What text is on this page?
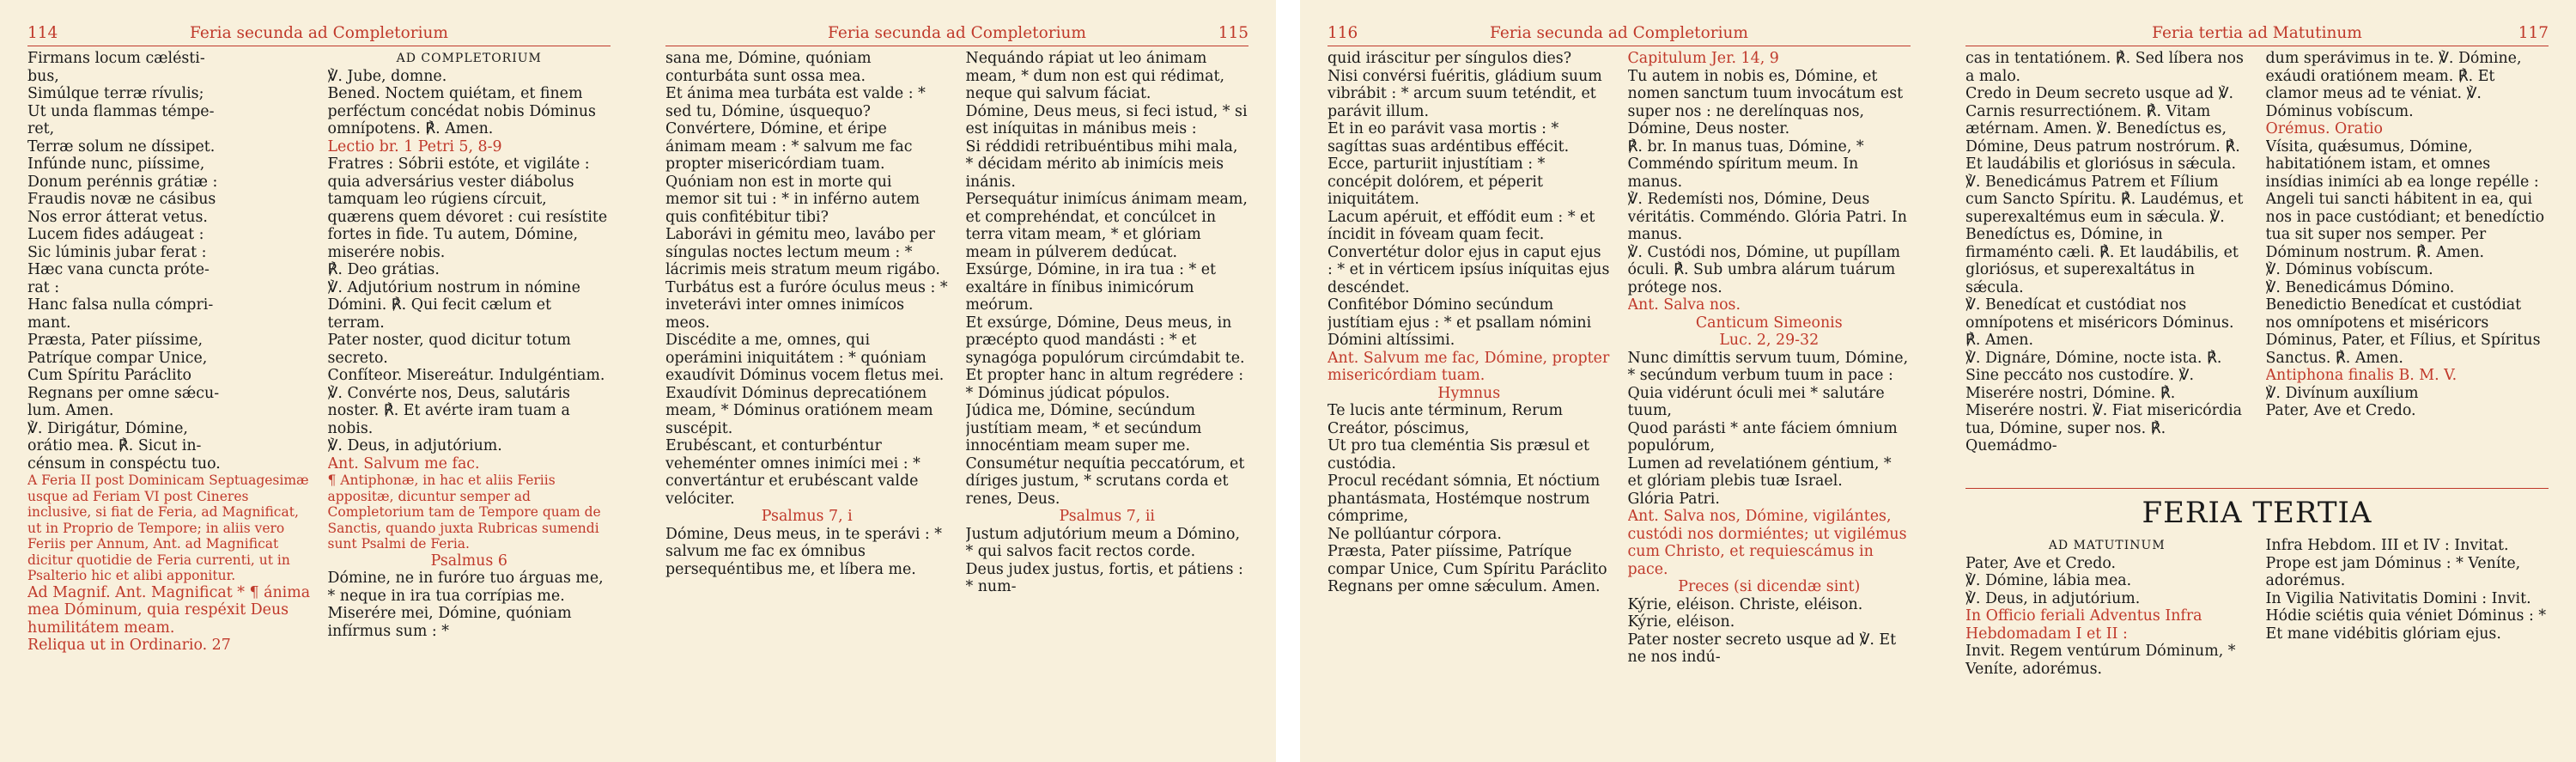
114	Feria secunda ad Completorium

Firmans locum cælésti-

bus,

Simúlque terræ rívulis;

Ut unda flammas témpe-

ret,

Terræ solum ne díssipet.

Infúnde nunc, piíssime,

Donum perénnis grátiæ :

Fraudis novæ ne cásibus

Nos error átterat vetus.

Lucem fides adáugeat :

Sic lúminis jubar ferat :

Hæc vana cuncta próte-

rat :

Hanc falsa nulla cómpri-

mant.

Præsta, Pater piíssime,

Patríque compar Unice,

Cum Spíritu Paráclito

Regnans per omne sǽcu-

lum. Amen.

℣. Dirigátur, Dómine,

orátio mea. ℟. Sicut in-

cénsum in conspéctu tuo.

A Feria II post Dominicam Septuagesimæ usque ad Feriam VI post Cineres inclusive, si fiat de Feria, ad Magnificat, ut in Proprio de Tempore; in aliis vero Feriis per Annum, Ant. ad Magnificat dicitur quotidie de Feria currenti, ut in Psalterio hic et alibi apponitur.

Ad Magnif. Ant. Magnificat * ¶ ánima mea Dóminum, quia respéxit Deus humilitátem meam.

Reliqua ut in Ordinario. 27

AD COMPLETORIUM

℣. Jube, domne.

Bened. Noctem quiétam, et finem perféctum concédat nobis Dóminus omnípotens. ℟. Amen.

Lectio br. 1 Petri 5, 8-9

Fratres : Sóbrii estóte, et vigiláte : quia adversárius vester diábolus tamquam leo rúgiens círcuit, quærens quem dévoret : cui resístite fortes in fide. Tu autem, Dómine, miserére nobis.

℟. Deo grátias.

℣. Adjutórium nostrum in nómine Dómini. ℟. Qui fecit cælum et terram.

Pater noster, quod dicitur totum secreto.

Confíteor. Misereátur. Indulgéntiam.

℣. Convérte nos, Deus, salutáris noster. ℟. Et avérte iram tuam a nobis.

℣. Deus, in adjutórium.

Ant. Salvum me fac.

¶ Antiphonæ, in hac et aliis Feriis appositæ, dicuntur semper ad Completorium tam de Tempore quam de Sanctis, quando juxta Rubricas sumendi sunt Psalmi de Feria.

Psalmus 6

Dómine, ne in furóre tuo árguas me, * neque in ira tua corrípias me.

Miserére mei, Dómine, quóniam infírmus sum : *

Feria secunda ad Completorium	115

sana me, Dómine, quóniam conturbáta sunt ossa mea.

Et ánima mea turbáta est valde : * sed tu, Dómine, úsquequo?

Convértere, Dómine, et éripe ánimam meam : * salvum me fac propter misericórdiam tuam.

Quóniam non est in morte qui memor sit tui : * in inférno autem quis confitébitur tibi?

Laborávi in gémitu meo, lavábo per síngulas noctes lectum meum : * lácrimis meis stratum meum rigábo.

Turbátus est a furóre óculus meus : * inveterávi inter omnes inimícos meos.

Discédite a me, omnes, qui operámini iniquitátem : * quóniam exaudívit Dóminus vocem fletus mei.

Exaudívit Dóminus deprecatiónem meam, * Dóminus oratiónem meam suscépit.

Erubéscant, et conturbéntur veheménter omnes inimíci mei : * convertántur et erubéscant valde velóciter.

Psalmus 7, i

Dómine, Deus meus, in te sperávi : * salvum me fac ex ómnibus persequéntibus me, et líbera me.

Nequándo rápiat ut leo ánimam meam, * dum non est qui rédimat, neque qui salvum fáciat.

Dómine, Deus meus, si feci istud, * si est iníquitas in mánibus meis :

Si réddidi retribuéntibus mihi mala, * décidam mérito ab inimícis meis inánis.

Persequátur inimícus ánimam meam, et comprehéndat, et concúlcet in terra vitam meam, * et glóriam meam in púlverem dedúcat.

Exsúrge, Dómine, in ira tua : * et exaltáre in fínibus inimicórum meórum.

Et exsúrge, Dómine, Deus meus, in præcépto quod mandásti : * et synagóga populórum circúmdabit te.

Et propter hanc in altum regrédere : * Dóminus júdicat pópulos.

Júdica me, Dómine, secúndum justítiam meam, * et secúndum innocéntiam meam super me.

Consumétur nequítia peccatórum, et díriges justum, * scrutans corda et renes, Deus.

Psalmus 7, ii

Justum adjutórium meum a Dómino, * qui salvos facit rectos corde.

Deus judex justus, fortis, et pátiens : * num-

116	Feria secunda ad Completorium

quid iráscitur per síngulos dies?

Nisi convérsi fuéritis, gládium suum vibrábit : * arcum suum teténdit, et parávit illum.

Et in eo parávit vasa mortis : * sagíttas suas ardéntibus effécit.

Ecce, parturiit injustítiam : * concépit dolórem, et péperit iniquitátem.

Lacum apéruit, et effódit eum : * et íncidit in fóveam quam fecit.

Convertétur dolor ejus in caput ejus : * et in vérticem ipsíus iníquitas ejus descéndet.

Confitébor Dómino secúndum justítiam ejus : * et psallam nómini Dómini altíssimi.

Ant. Salvum me fac, Dómine, propter misericórdiam tuam.

Hymnus

Te lucis ante términum, Rerum Creátor, póscimus,

Ut pro tua cleméntia Sis præsul et custódia.

Procul recédant sómnia, Et nóctium phantásmata, Hostémque nostrum cómprime,

Ne pollúantur córpora.

Præsta, Pater piíssime, Patríque compar Unice, Cum Spíritu Paráclito Regnans per omne sǽculum. Amen.

Capitulum Jer. 14, 9

Tu autem in nobis es, Dómine, et nomen sanctum tuum invocátum est super nos : ne derelínquas nos, Dómine, Deus noster.

℟. br. In manus tuas, Dómine, * Comméndo spíritum meum. In manus.

℣. Redemísti nos, Dómine, Deus véritátis. Comméndo. Glória Patri. In manus.

℣. Custódi nos, Dómine, ut pupíllam óculi. ℟. Sub umbra alárum tuárum prótege nos.

Ant. Salva nos.

Canticum Simeonis

Luc. 2, 29-32

Nunc dimíttis servum tuum, Dómine, * secúndum verbum tuum in pace :

Quia vidérunt óculi mei * salutáre tuum,

Quod parásti * ante fáciem ómnium populórum,

Lumen ad revelatiónem géntium, * et glóriam plebis tuæ Israel.

Glória Patri.

Ant. Salva nos, Dómine, vigilántes, custódi nos dormiéntes; ut vigilémus cum Christo, et requiescámus in pace.

Preces (si dicendæ sint)

Kýrie, eléison. Christe, eléison. Kýrie, eléison.

Pater noster secreto usque ad ℣. Et ne nos indú-

Feria tertia ad Matutinum	117

cas in tentatiónem. ℟. Sed líbera nos a malo.

Credo in Deum secreto usque ad ℣. Carnis resurrectiónem. ℟. Vitam ætérnam. Amen. ℣. Benedíctus es, Dómine, Deus patrum nostrórum. ℟. Et laudábilis et gloriósus in sǽcula. ℣. Benedicámus Patrem et Fílium cum Sancto Spíritu. ℟. Laudémus, et superexaltémus eum in sǽcula. ℣. Benedíctus es, Dómine, in firmaménto cæli. ℟. Et laudábilis, et gloriósus, et superexaltátus in sǽcula.

℣. Benedícat et custódiat nos omnípotens et miséricors Dóminus. ℟. Amen.

℣. Dignáre, Dómine, nocte ista. ℟. Sine peccáto nos custodíre. ℣. Miserére nostri, Dómine. ℟. Miserére nostri. ℣. Fiat misericórdia tua, Dómine, super nos. ℟. Quemádmo-

dum sperávimus in te. ℣. Dómine, exáudi oratiónem meam. ℟. Et clamor meus ad te véniat. ℣. Dóminus vobíscum.

Orémus. Oratio

Vísita, quǽsumus, Dómine, habitatiónem istam, et omnes insídias inimíci ab ea longe repélle : Angeli tui sancti hábitent in ea, qui nos in pace custódiant; et benedíctio tua sit super nos semper. Per Dóminum nostrum. ℟. Amen.

℣. Dóminus vobíscum.

℣. Benedicámus Dómino.

Benedictio Benedícat et custódiat nos omnípotens et miséricors Dóminus, Pater, et Fílius, et Spíritus Sanctus. ℟. Amen.

Antiphona finalis B. M. V.

℣. Divínum auxílium

Pater, Ave et Credo.

FERIA TERTIA

AD MATUTINUM

Pater, Ave et Credo.

℣. Dómine, lábia mea.

℣. Deus, in adjutórium.

In Officio feriali Adventus Infra Hebdomadam I et II :

Invit. Regem ventúrum Dóminum, * Veníte, adorémus.

Infra Hebdom. III et IV : Invitat. Prope est jam Dóminus : * Veníte, adorémus.

In Vigilia Nativitatis Domini : Invit. Hódie sciétis quia véniet Dóminus : * Et mane vidébitis glóriam ejus.
